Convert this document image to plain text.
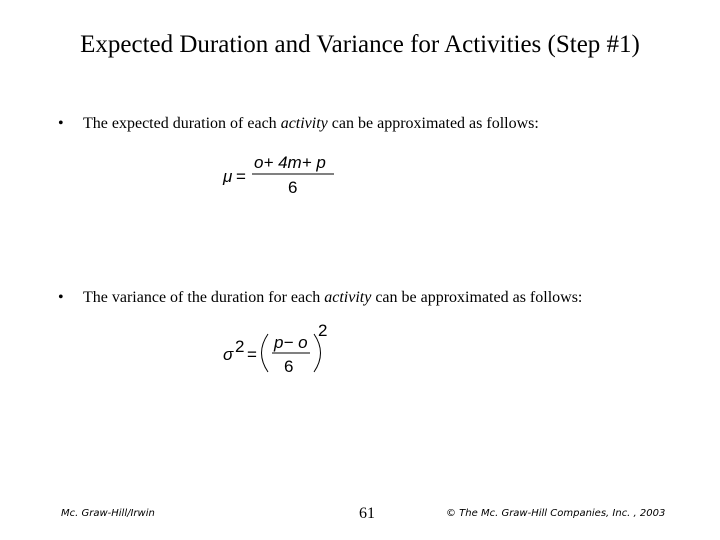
Expected Duration and Variance for Activities (Step #1)
• The expected duration of each activity can be approximated as follows:
μ =
o+ 4m+ p
6
• The variance of the duration for each activity can be approximated as follows:
σ 2 =
p− o
6
2
Mc. Graw-Hill/Irwin	61	© The Mc. Graw-Hill Companies, Inc. , 2003
